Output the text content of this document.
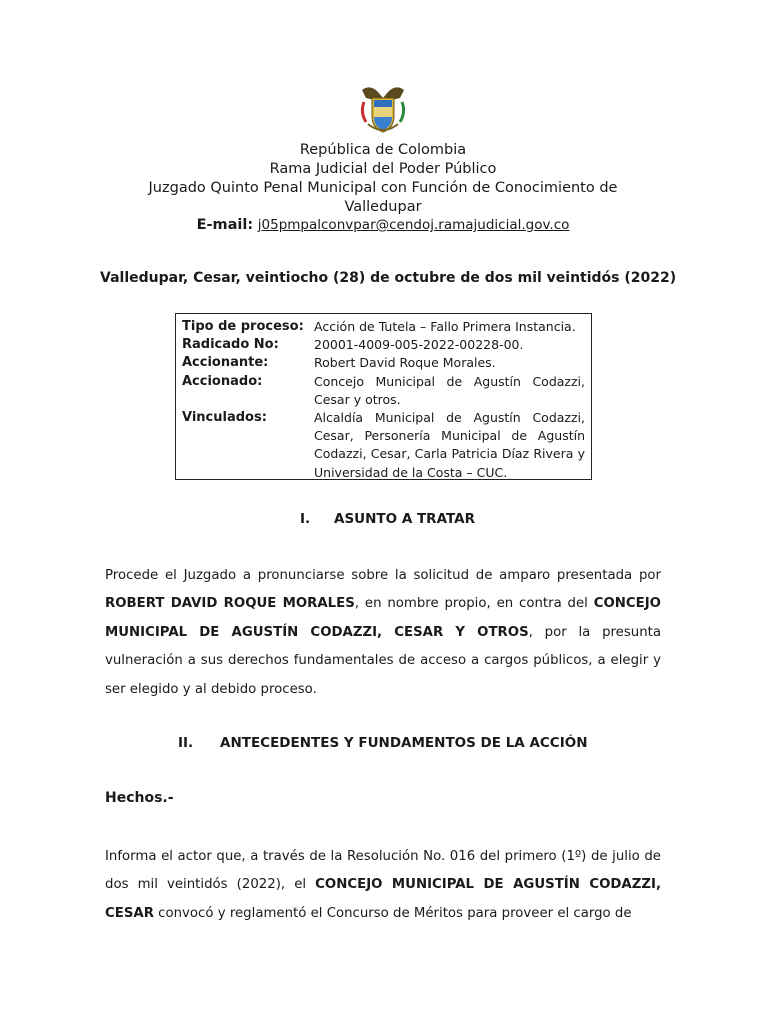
República de Colombia
Rama Judicial del Poder Público
Juzgado Quinto Penal Municipal con Función de Conocimiento de
Valledupar
E-mail: j05pmpalconvpar@cendoj.ramajudicial.gov.co
Valledupar, Cesar, veintiocho (28) de octubre de dos mil veintidós (2022)
Tipo de proceso: Acción de Tutela – Fallo Primera Instancia.
Radicado No:	20001-4009-005-2022-00228-00.
Accionante:	Robert David Roque Morales.
Accionado:	Concejo Municipal de Agustín Codazzi, Cesar y otros.
Vinculados:	Alcaldía Municipal de Agustín Codazzi, Cesar, Personería Municipal de Agustín Codazzi, Cesar, Carla Patricia Díaz Rivera y Universidad de la Costa – CUC.
I. ASUNTO A TRATAR
Procede el Juzgado a pronunciarse sobre la solicitud de amparo presentada por ROBERT DAVID ROQUE MORALES, en nombre propio, en contra del CONCEJO MUNICIPAL DE AGUSTÍN CODAZZI, CESAR Y OTROS, por la presunta vulneración a sus derechos fundamentales de acceso a cargos públicos, a elegir y ser elegido y al debido proceso.
II. ANTECEDENTES Y FUNDAMENTOS DE LA ACCIÓN
Hechos.-
Informa el actor que, a través de la Resolución No. 016 del primero (1º) de julio de dos mil veintidós (2022), el CONCEJO MUNICIPAL DE AGUSTÍN CODAZZI, CESAR convocó y reglamentó el Concurso de Méritos para proveer el cargo de
